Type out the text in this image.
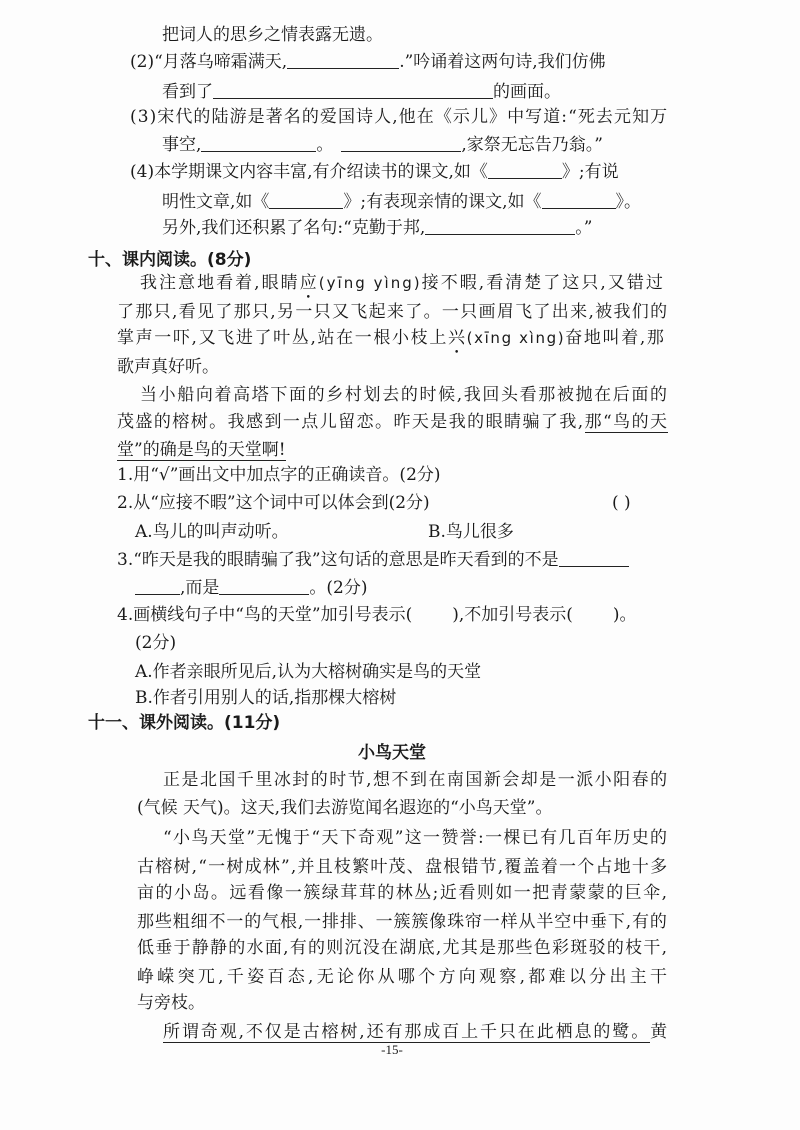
把词人的思乡之情表露无遗。
(2)“月落乌啼霜满天,	.”吟诵着这两句诗,我们仿佛
看到了	的画面。
(3)宋代的陆游是著名的爱国诗人,他在《示儿》中写道:“死去元知万
事空,	。	,家祭无忘告乃翁。”
(4)本学期课文内容丰富,有介绍读书的课文,如《	》;有说
明性文章,如《	》;有表现亲情的课文,如《	》。
另外,我们还积累了名句:“克勤于邦,	。”
十、课内阅读。(8分)
我注意地看着,眼睛应(yīng yìng)接不暇,看清楚了这只,又错过
了那只,看见了那只,另一只又飞起来了。一只画眉飞了出来,被我们的
掌声一吓,又飞进了叶丛,站在一根小枝上兴(xīng xìng)奋地叫着,那
歌声真好听。
当小船向着高塔下面的乡村划去的时候,我回头看那被抛在后面的
茂盛的榕树。我感到一点儿留恋。昨天是我的眼睛骗了我,那“鸟的天
堂”的确是鸟的天堂啊!
1.用“√”画出文中加点字的正确读音。(2分)
2.从“应接不暇”这个词中可以体会到(2分)	( )
A.鸟儿的叫声动听。	B.鸟儿很多
3.“昨天是我的眼睛骗了我”这句话的意思是昨天看到的不是
,而是	。(2分)
4.画横线句子中“鸟的天堂”加引号表示( ),不加引号表示( )。
(2分)
A.作者亲眼所见后,认为大榕树确实是鸟的天堂
B.作者引用别人的话,指那棵大榕树
十一、课外阅读。(11分)
小鸟天堂
正是北国千里冰封的时节,想不到在南国新会却是一派小阳春的
(气候 天气)。这天,我们去游览闻名遐迩的“小鸟天堂”。
“小鸟天堂”无愧于“天下奇观”这一赞誉:一棵已有几百年历史的
古榕树,“一树成林”,并且枝繁叶茂、盘根错节,覆盖着一个占地十多
亩的小岛。远看像一簇绿茸茸的林丛;近看则如一把青蒙蒙的巨伞,
那些粗细不一的气根,一排排、一簇簇像珠帘一样从半空中垂下,有的
低垂于静静的水面,有的则沉没在湖底,尤其是那些色彩斑驳的枝干,
峥嵘突兀,千姿百态,无论你从哪个方向观察,都难以分出主干
与旁枝。
所谓奇观,不仅是古榕树,还有那成百上千只在此栖息的鹭。黄
-15-
